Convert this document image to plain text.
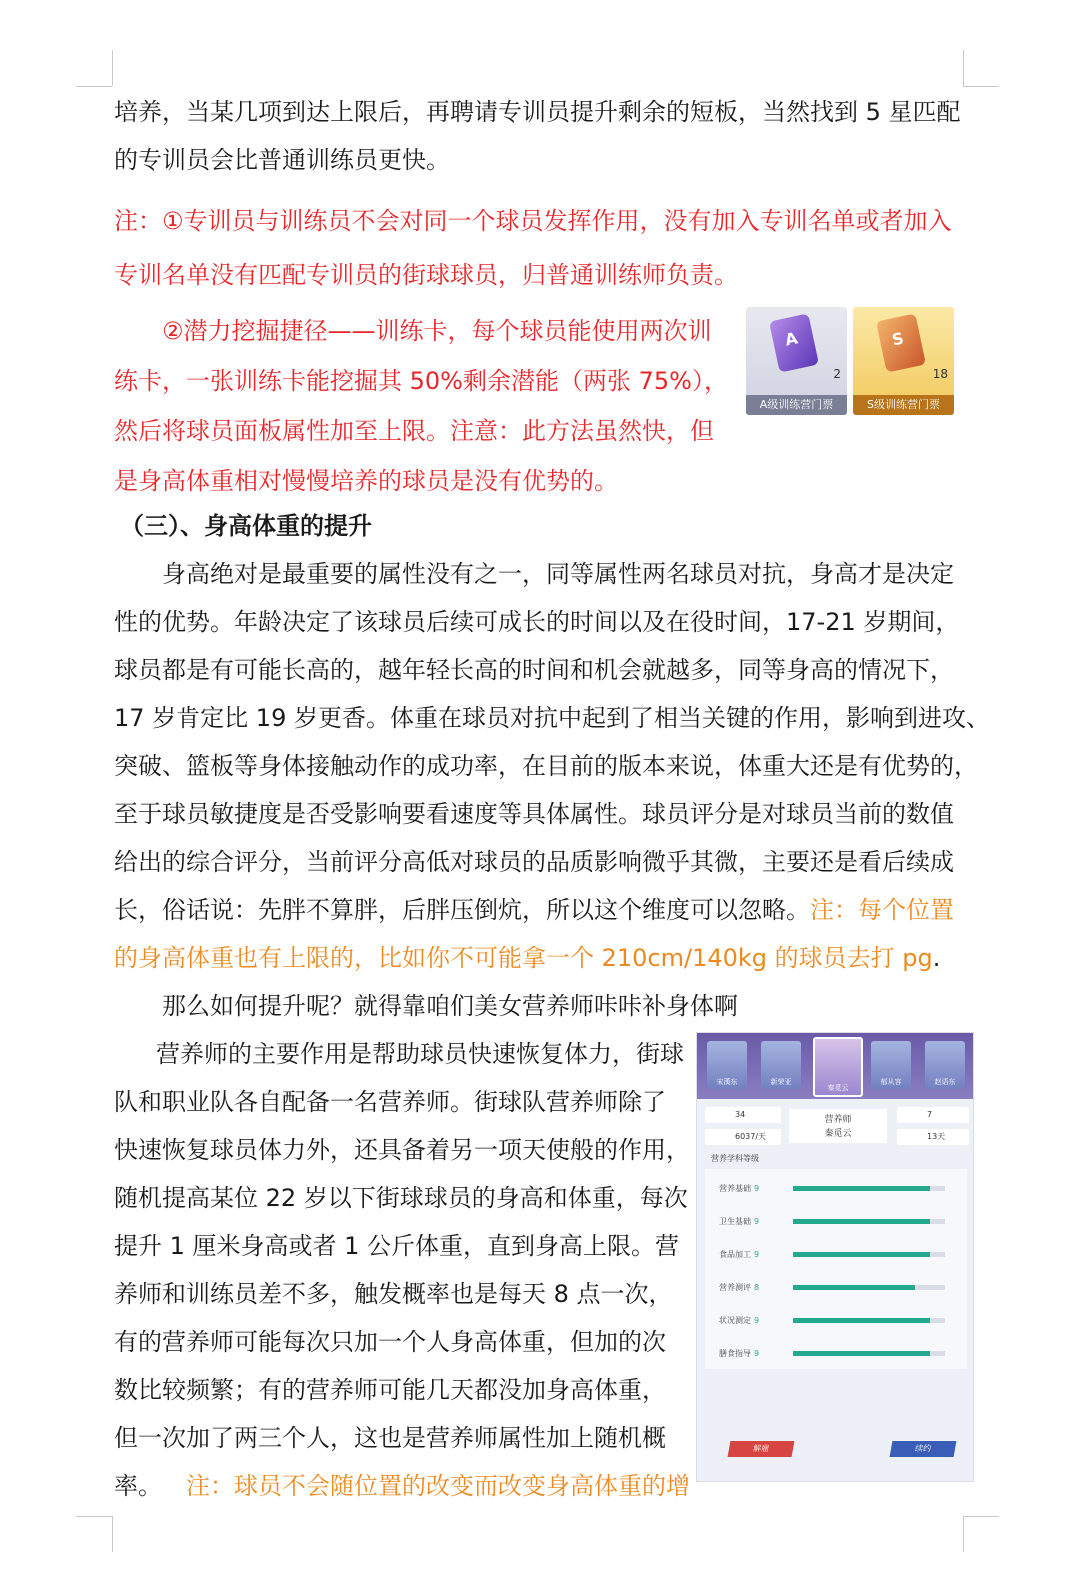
培养，当某几项到达上限后，再聘请专训员提升剩余的短板，当然找到 5 星匹配
的专训员会比普通训练员更快。
注：①专训员与训练员不会对同一个球员发挥作用，没有加入专训名单或者加入
专训名单没有匹配专训员的街球球员，归普通训练师负责。
②潜力挖掘捷径——训练卡，每个球员能使用两次训
练卡，一张训练卡能挖掘其 50%剩余潜能（两张 75%），
然后将球员面板属性加至上限。注意：此方法虽然快，但
是身高体重相对慢慢培养的球员是没有优势的。
A
2
A级训练营门票
S
18
S级训练营门票
（三）、身高体重的提升
身高绝对是最重要的属性没有之一，同等属性两名球员对抗，身高才是决定
性的优势。年龄决定了该球员后续可成长的时间以及在役时间，17-21 岁期间，
球员都是有可能长高的，越年轻长高的时间和机会就越多，同等身高的情况下，
17 岁肯定比 19 岁更香。体重在球员对抗中起到了相当关键的作用，影响到进攻、
突破、篮板等身体接触动作的成功率，在目前的版本来说，体重大还是有优势的，
至于球员敏捷度是否受影响要看速度等具体属性。球员评分是对球员当前的数值
给出的综合评分，当前评分高低对球员的品质影响微乎其微，主要还是看后续成
长，俗话说：先胖不算胖，后胖压倒炕，所以这个维度可以忽略。注：每个位置
的身高体重也有上限的，比如你不可能拿一个 210cm/140kg 的球员去打 pg.
那么如何提升呢？就得靠咱们美女营养师咔咔补身体啊
营养师的主要作用是帮助球员快速恢复体力，街球
队和职业队各自配备一名营养师。街球队营养师除了
快速恢复球员体力外，还具备着另一项天使般的作用，
随机提高某位 22 岁以下街球球员的身高和体重，每次
提升 1 厘米身高或者 1 公斤体重，直到身高上限。营
养师和训练员差不多，触发概率也是每天 8 点一次，
有的营养师可能每次只加一个人身高体重，但加的次
数比较频繁；有的营养师可能几天都没加身高体重，
但一次加了两三个人，这也是营养师属性加上随机概
率。 注：球员不会随位置的改变而改变身高体重的增
宋漢东	新荣亚
秦觅云
郁从容	赵语东
34
6037/天
营养师
秦觅云
7
13天
营养学科等级
营养基础 9
卫生基础 9
食品加工 9
营养测评 8
状况测定 9
膳食指导 9
解雇	续约
